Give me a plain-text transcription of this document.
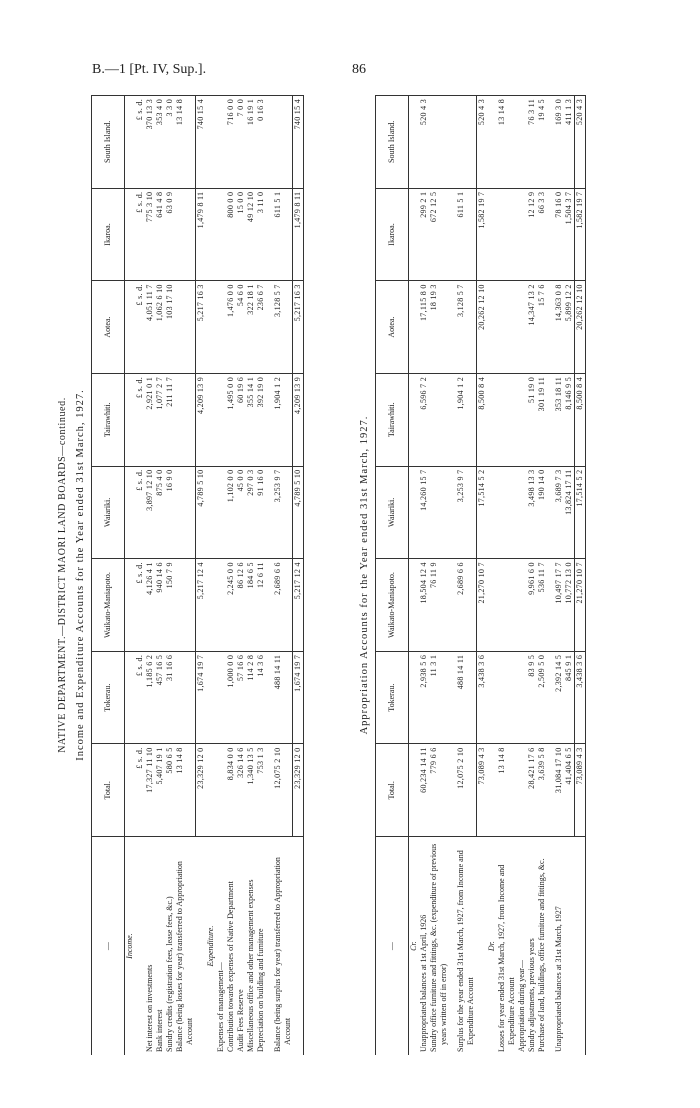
B.—1 [Pt. IV, Sup.].	86
NATIVE DEPARTMENT.—DISTRICT MAORI LAND BOARDS—continued. Income and Expenditure Accounts for the Year ended 31st March, 1927.
—	Total.	Tokerau.	Waikato-Maniapoto.	Waiariki.	Tairawhiti.	Aotea.	Ikaroa.	South Island.
Income.								
	£ s. d.	£ s. d.	£ s. d.	£ s. d.	£ s. d.	£ s. d.	£ s. d.	£ s. d.
Net interest on investments	17,327 11 10	1,185 6 2	4,126 4 1	3,897 12 10	2,921 0 1	4,051 11 7	775 3 10	370 13 3
Bank interest	5,407 19 1	457 16 5	940 14 6	875 4 0	1,077 2 7	1,062 6 10	641 4 8	353 4 0
Sundry credits (registration fees, lease fees, &c.)	580 6 5	31 16 6	150 7 9	16 9 0	211 11 7	103 17 10	63 0 9	3 3 0
Balance (being losses for year) transferred to Appropriation Account	13 14 8							13 14 8
	23,329 12 0	1,674 19 7	5,217 12 4	4,789 5 10	4,209 13 9	5,217 16 3	1,479 8 11	740 15 4
Expenditure.								
Expenses of management—								
Contribution towards expenses of Native Department	8,834 0 0	1,000 0 0	2,245 0 0	1,102 0 0	1,495 0 0	1,476 0 0	800 0 0	716 0 0
Audit Fees Reserve	326 14 6	57 16 6	86 12 6	45 0 0	60 19 6	54 6 0	15 0 0	7 0 0
Miscellaneous office and other management expenses	1,340 13 5	114 2 8	184 6 5	297 0 3	355 14 1	322 18 1	49 12 10	16 19 1
Depreciation on building and furniture	753 1 3	14 3 6	12 6 11	91 16 0	392 19 0	236 6 7	3 11 0	0 16 3

Balance (being surplus for year) transferred to Appropriation Account	12,075 2 10	488 14 11	2,689 6 6	3,253 9 7	1,904 1 2	3,128 5 7	611 5 1	
	23,329 12 0	1,674 19 7	5,217 12 4	4,789 5 10	4,209 13 9	5,217 16 3	1,479 8 11	740 15 4
Appropriation Accounts for the Year ended 31st March, 1927.
—	Total.	Tokerau.	Waikato-Maniapoto.	Waiariki.	Tairawhiti.	Aotea.	Ikaroa.	South Island.
Cr.								
Unappropriated balances at 1st April, 1926	60,234 14 11	2,938 5 6	18,504 12 4	14,260 15 7	6,596 7 2	17,115 8 0	299 2 1	520 4 3
Sundry office furniture and fittings, &c. (expenditure of previous years written off in error)	779 6 6	11 3 1	76 11 9			18 19 3	672 12 5	

Surplus for the year ended 31st March, 1927, from Income and Expenditure Account	12,075 2 10	488 14 11	2,689 6 6	3,253 9 7	1,904 1 2	3,128 5 7	611 5 1	
	73,089 4 3	3,438 3 6	21,270 10 7	17,514 5 2	8,500 8 4	20,262 12 10	1,582 19 7	520 4 3
Dr.								
Losses for year ended 31st March, 1927, from Income and Expenditure Account	13 14 8							13 14 8
Appropriation during year—								
Sundry adjustments, previous years	28,421 17 6	83 9 5	9,961 6 0	3,498 13 3	51 19 0	14,347 13 2	12 12 9	76 3 11
Purchase of land, buildings, office furniture and fittings, &c.	3,639 5 8	2,509 5 0	536 11 7	190 14 0	301 19 11	15 7 6	66 3 3	19 4 5

Unappropriated balances at 31st March, 1927	31,084 17 10	2,392 14 5	10,497 17 7	3,689 7 3	353 18 11	14,363 0 8	78 16 0	169 3 0
	41,404 6 5	845 9 1	10,772 13 0	13,824 17 11	8,146 9 5	5,899 12 2	1,504 3 7	411 1 3
	73,089 4 3	3,438 3 6	21,270 10 7	17,514 5 2	8,500 8 4	20,262 12 10	1,582 19 7	520 4 3
